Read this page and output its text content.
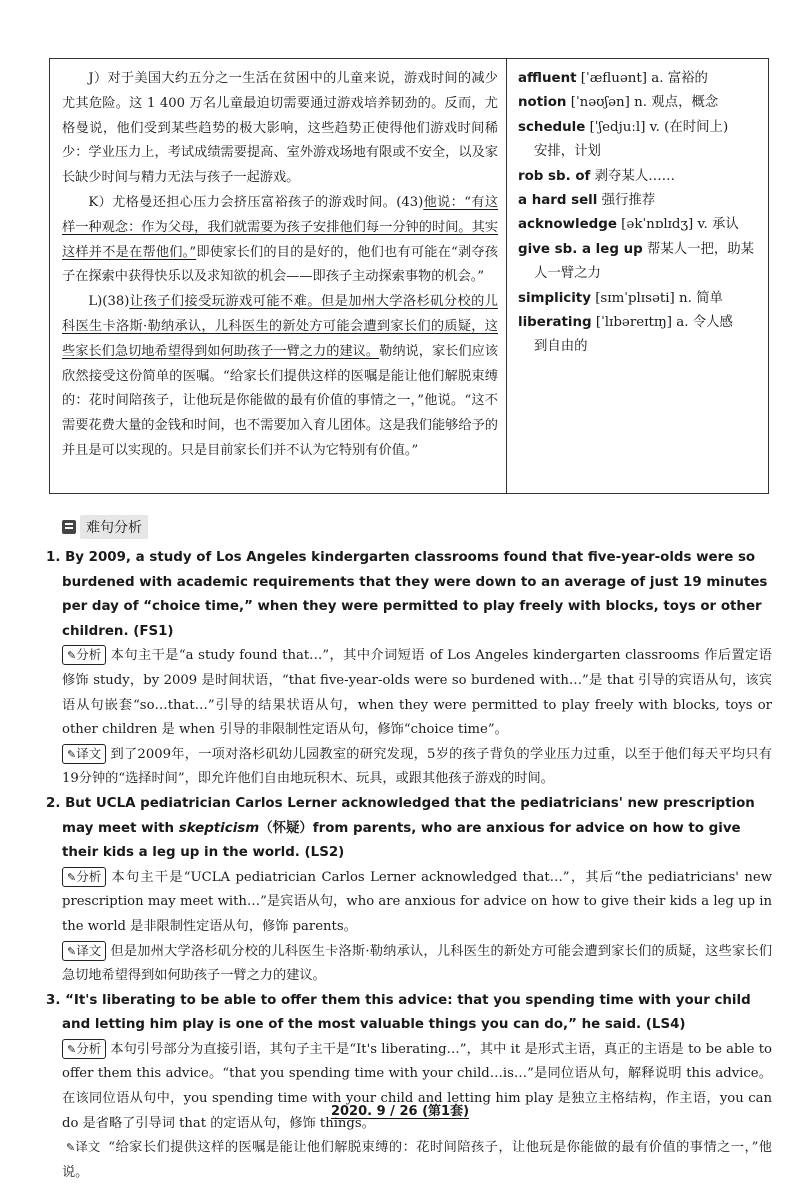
J）对于美国大约五分之一生活在贫困中的儿童来说，游戏时间的减少尤其危险。这 1 400 万名儿童最迫切需要通过游戏培养韧劲的。反而，尤格曼说，他们受到某些趋势的极大影响，这些趋势正使得他们游戏时间稀少：学业压力上，考试成绩需要提高、室外游戏场地有限或不安全，以及家长缺少时间与精力无法与孩子一起游戏。

K）尤格曼还担心压力会挤压富裕孩子的游戏时间。(43)他说：“有这样一种观念：作为父母，我们就需要为孩子安排他们每一分钟的时间。其实这样并不是在帮他们。”即使家长们的目的是好的，他们也有可能在“剥夺孩子在探索中获得快乐以及求知欲的机会——即孩子主动探索事物的机会。”

L)(38)让孩子们接受玩游戏可能不难。但是加州大学洛杉矶分校的儿科医生卡洛斯·勒纳承认，儿科医生的新处方可能会遭到家长们的质疑，这些家长们急切地希望得到如何助孩子一臂之力的建议。勒纳说，家长们应该欣然接受这份简单的医嘱。“给家长们提供这样的医嘱是能让他们解脱束缚的：花时间陪孩子，让他玩是你能做的最有价值的事情之一，”他说。“这不需要花费大量的金钱和时间，也不需要加入育儿团体。这是我们能够给予的并且是可以实现的。只是目前家长们并不认为它特别有价值。”

affluent [ˈæfluənt] a. 富裕的

notion [ˈnəʊʃən] n. 观点，概念

schedule [ˈʃedjuːl] v. (在时间上)
安排，计划

rob sb. of 剥夺某人……

a hard sell 强行推荐

acknowledge [əkˈnɒlɪdʒ] v. 承认

give sb. a leg up 帮某人一把，助某
人一臂之力

simplicity [sɪmˈplɪsəti] n. 简单

liberating [ˈlɪbəreɪtɪŋ] a. 令人感
到自由的

难句分析

1. By 2009, a study of Los Angeles kindergarten classrooms found that five-year-olds were so burdened with academic requirements that they were down to an average of just 19 minutes per day of “choice time,” when they were permitted to play freely with blocks, toys or other children. (FS1)

✎分析 本句主干是“a study found that…”，其中介词短语 of Los Angeles kindergarten classrooms 作后置定语修饰 study，by 2009 是时间状语，“that five-year-olds were so burdened with…”是 that 引导的宾语从句，该宾语从句嵌套“so…that…”引导的结果状语从句，when they were permitted to play freely with blocks, toys or other children 是 when 引导的非限制性定语从句，修饰“choice time”。

✎译文 到了2009年，一项对洛杉矶幼儿园教室的研究发现，5岁的孩子背负的学业压力过重，以至于他们每天平均只有19分钟的“选择时间”，即允许他们自由地玩积木、玩具，或跟其他孩子游戏的时间。

2. But UCLA pediatrician Carlos Lerner acknowledged that the pediatricians' new prescription may meet with skepticism（怀疑）from parents, who are anxious for advice on how to give their kids a leg up in the world. (LS2)

✎分析 本句主干是“UCLA pediatrician Carlos Lerner acknowledged that…”，其后“the pediatricians' new prescription may meet with…”是宾语从句，who are anxious for advice on how to give their kids a leg up in the world 是非限制性定语从句，修饰 parents。

✎译文 但是加州大学洛杉矶分校的儿科医生卡洛斯·勒纳承认，儿科医生的新处方可能会遭到家长们的质疑，这些家长们急切地希望得到如何助孩子一臂之力的建议。

3. “It's liberating to be able to offer them this advice: that you spending time with your child and letting him play is one of the most valuable things you can do,” he said. (LS4)

✎分析 本句引号部分为直接引语，其句子主干是“It's liberating…”，其中 it 是形式主语，真正的主语是 to be able to offer them this advice。“that you spending time with your child…is…”是同位语从句，解释说明 this advice。在该同位语从句中，you spending time with your child and letting him play 是独立主格结构，作主语，you can do 是省略了引导词 that 的定语从句，修饰 things。

✎译文 “给家长们提供这样的医嘱是能让他们解脱束缚的：花时间陪孩子，让他玩是你能做的最有价值的事情之一，”他说。

2020. 9 / 26 (第1套)
